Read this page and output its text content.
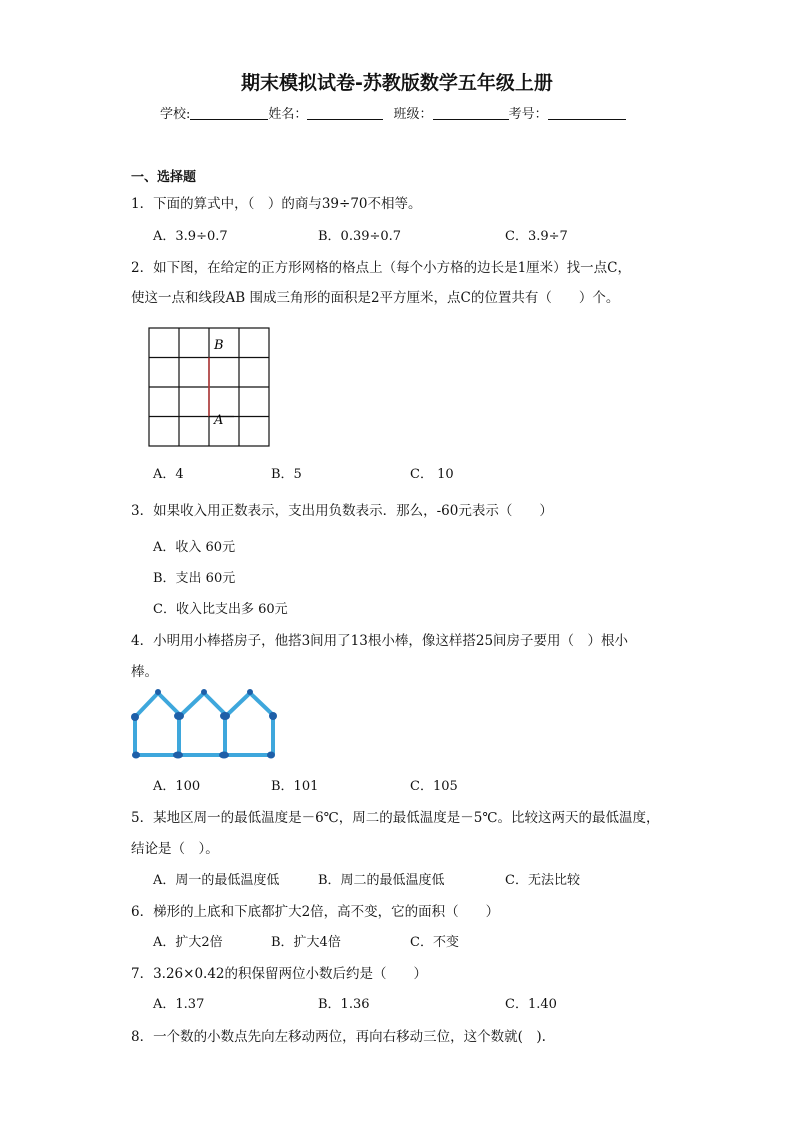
期末模拟试卷-苏教版数学五年级上册
学校:	姓名：	班级：	考号：
一、选择题
1．下面的算式中，（　）的商与39÷70不相等。
A．3.9÷0.7	B．0.39÷0.7	C．3.9÷7
2．如下图，在给定的正方形网格的格点上（每个小方格的边长是1厘米）找一点C，
使这一点和线段AB 围成三角形的面积是2平方厘米，点C的位置共有（　　）个。
B
A
A．4	B．5	C． 10
3．如果收入用正数表示，支出用负数表示．那么，-60元表示（　　）
A．收入 60元
B．支出 60元
C．收入比支出多 60元
4．小明用小棒搭房子，他搭3间用了13根小棒，像这样搭25间房子要用（　）根小
棒。
A．100	B．101	C．105
5．某地区周一的最低温度是－6℃，周二的最低温度是－5℃。比较这两天的最低温度，
结论是（　）。
A．周一的最低温度低	B．周二的最低温度低	C．无法比较
6．梯形的上底和下底都扩大2倍，高不变，它的面积（　　）
A．扩大2倍	B．扩大4倍	C．不变
7．3.26×0.42的积保留两位小数后约是（　　）
A．1.37	B．1.36	C．1.40
8．一个数的小数点先向左移动两位，再向右移动三位，这个数就(　).
